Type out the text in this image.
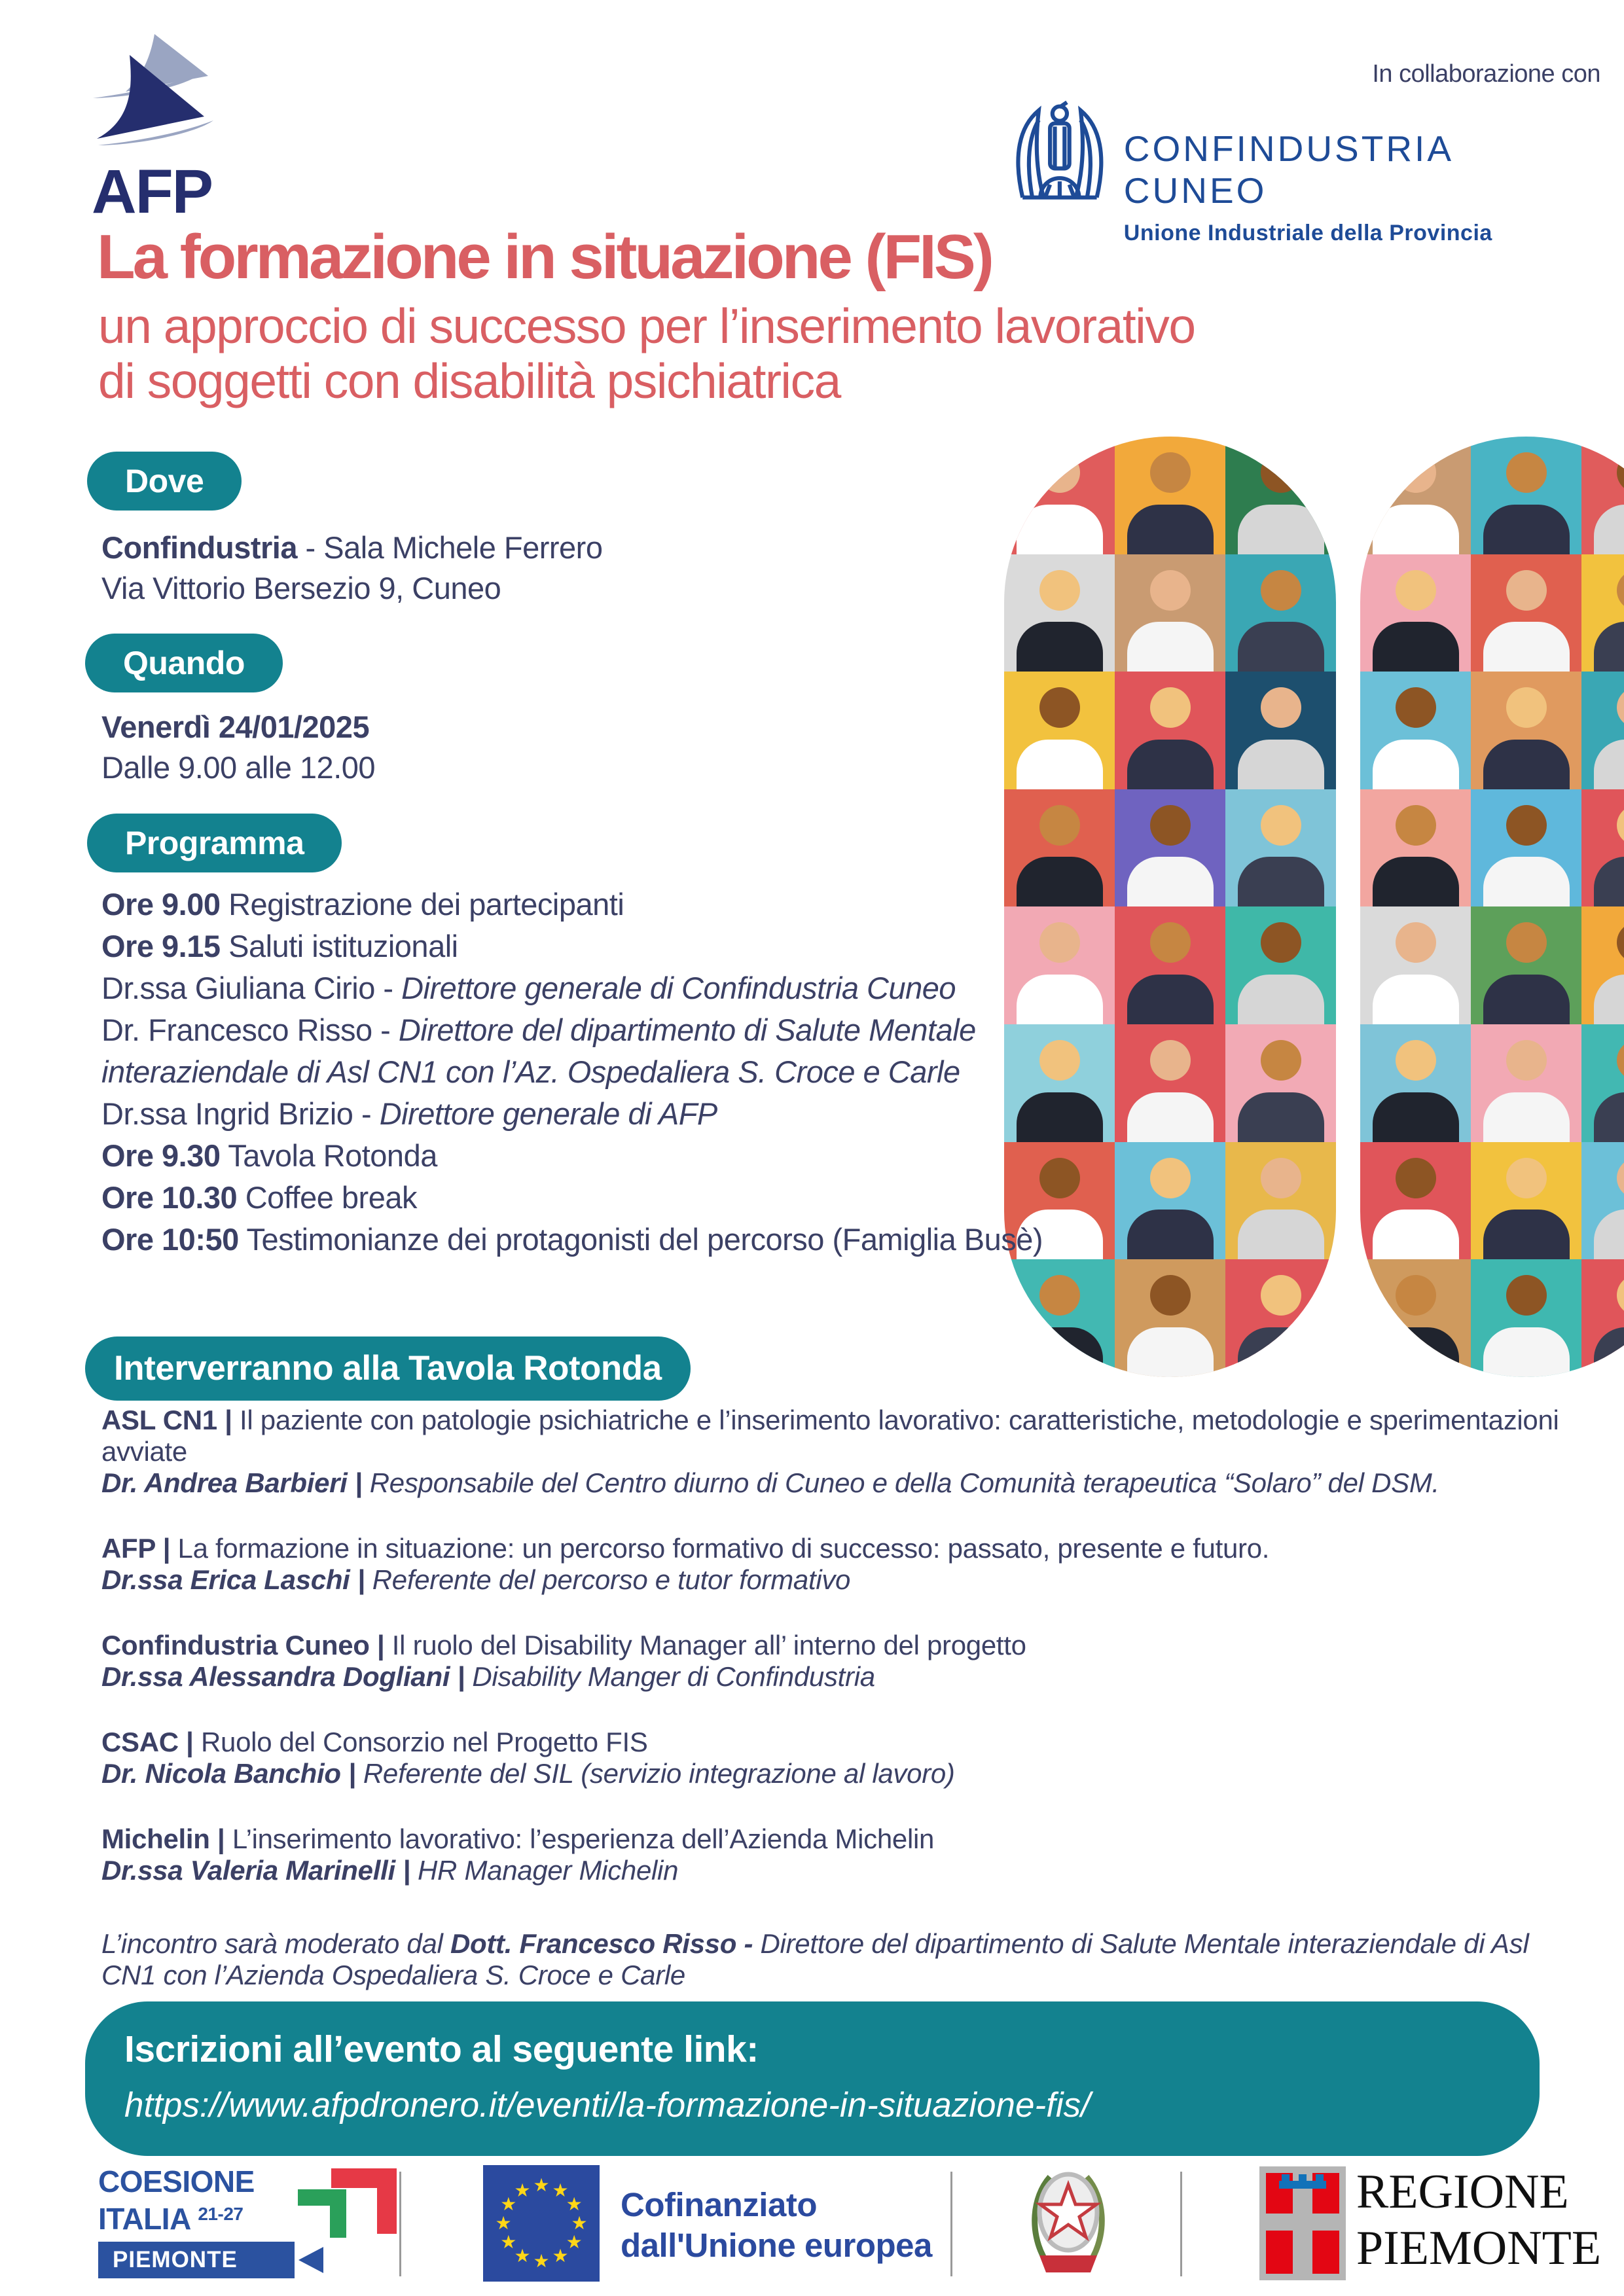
AFP
In collaborazione con
CONFINDUSTRIA CUNEO
Unione Industriale della Provincia
La formazione in situazione (FIS)
un approccio di successo per l’inserimento lavorativo
di soggetti con disabilità psichiatrica
Dove
Confindustria - Sala Michele Ferrero
Via Vittorio Bersezio 9, Cuneo
Quando
Venerdì 24/01/2025
Dalle 9.00 alle 12.00
Programma
Ore 9.00 Registrazione dei partecipanti
Ore 9.15 Saluti istituzionali
Dr.ssa Giuliana Cirio - Direttore generale di Confindustria Cuneo
Dr. Francesco Risso - Direttore del dipartimento di Salute Mentale interaziendale di Asl CN1 con l’Az. Ospedaliera S. Croce e Carle
Dr.ssa Ingrid Brizio - Direttore generale di AFP
Ore 9.30 Tavola Rotonda
Ore 10.30 Coffee break
Ore 10:50 Testimonianze dei protagonisti del percorso (Famiglia Busè)
Interverranno alla Tavola Rotonda
ASL CN1 | Il paziente con patologie psichiatriche e l’inserimento lavorativo: caratteristiche, metodologie e sperimentazioni avviate
Dr. Andrea Barbieri | Responsabile del Centro diurno di Cuneo e della Comunità terapeutica “Solaro” del DSM.
AFP | La formazione in situazione: un percorso formativo di successo: passato, presente e futuro.
Dr.ssa Erica Laschi | Referente del percorso e tutor formativo
Confindustria Cuneo | Il ruolo del Disability Manager all’ interno del progetto
Dr.ssa Alessandra Dogliani | Disability Manger di Confindustria
CSAC | Ruolo del Consorzio nel Progetto FIS
Dr. Nicola Banchio | Referente del SIL (servizio integrazione al lavoro)
Michelin | L’inserimento lavorativo: l’esperienza dell’Azienda Michelin
Dr.ssa Valeria Marinelli | HR Manager Michelin
L’incontro sarà moderato dal Dott. Francesco Risso - Direttore del dipartimento di Salute Mentale interaziendale di Asl CN1 con l’Azienda Ospedaliera S. Croce e Carle
Iscrizioni all’evento al seguente link:
https://www.afpdronero.it/eventi/la-formazione-in-situazione-fis/
COESIONE
ITALIA $^{21-27}$
PIEMONTE
★ ★
★
★
★
★
★
★
★
★
★
★	Cofinanziato
dall'Unione europea
REGIONE
PIEMONTE
